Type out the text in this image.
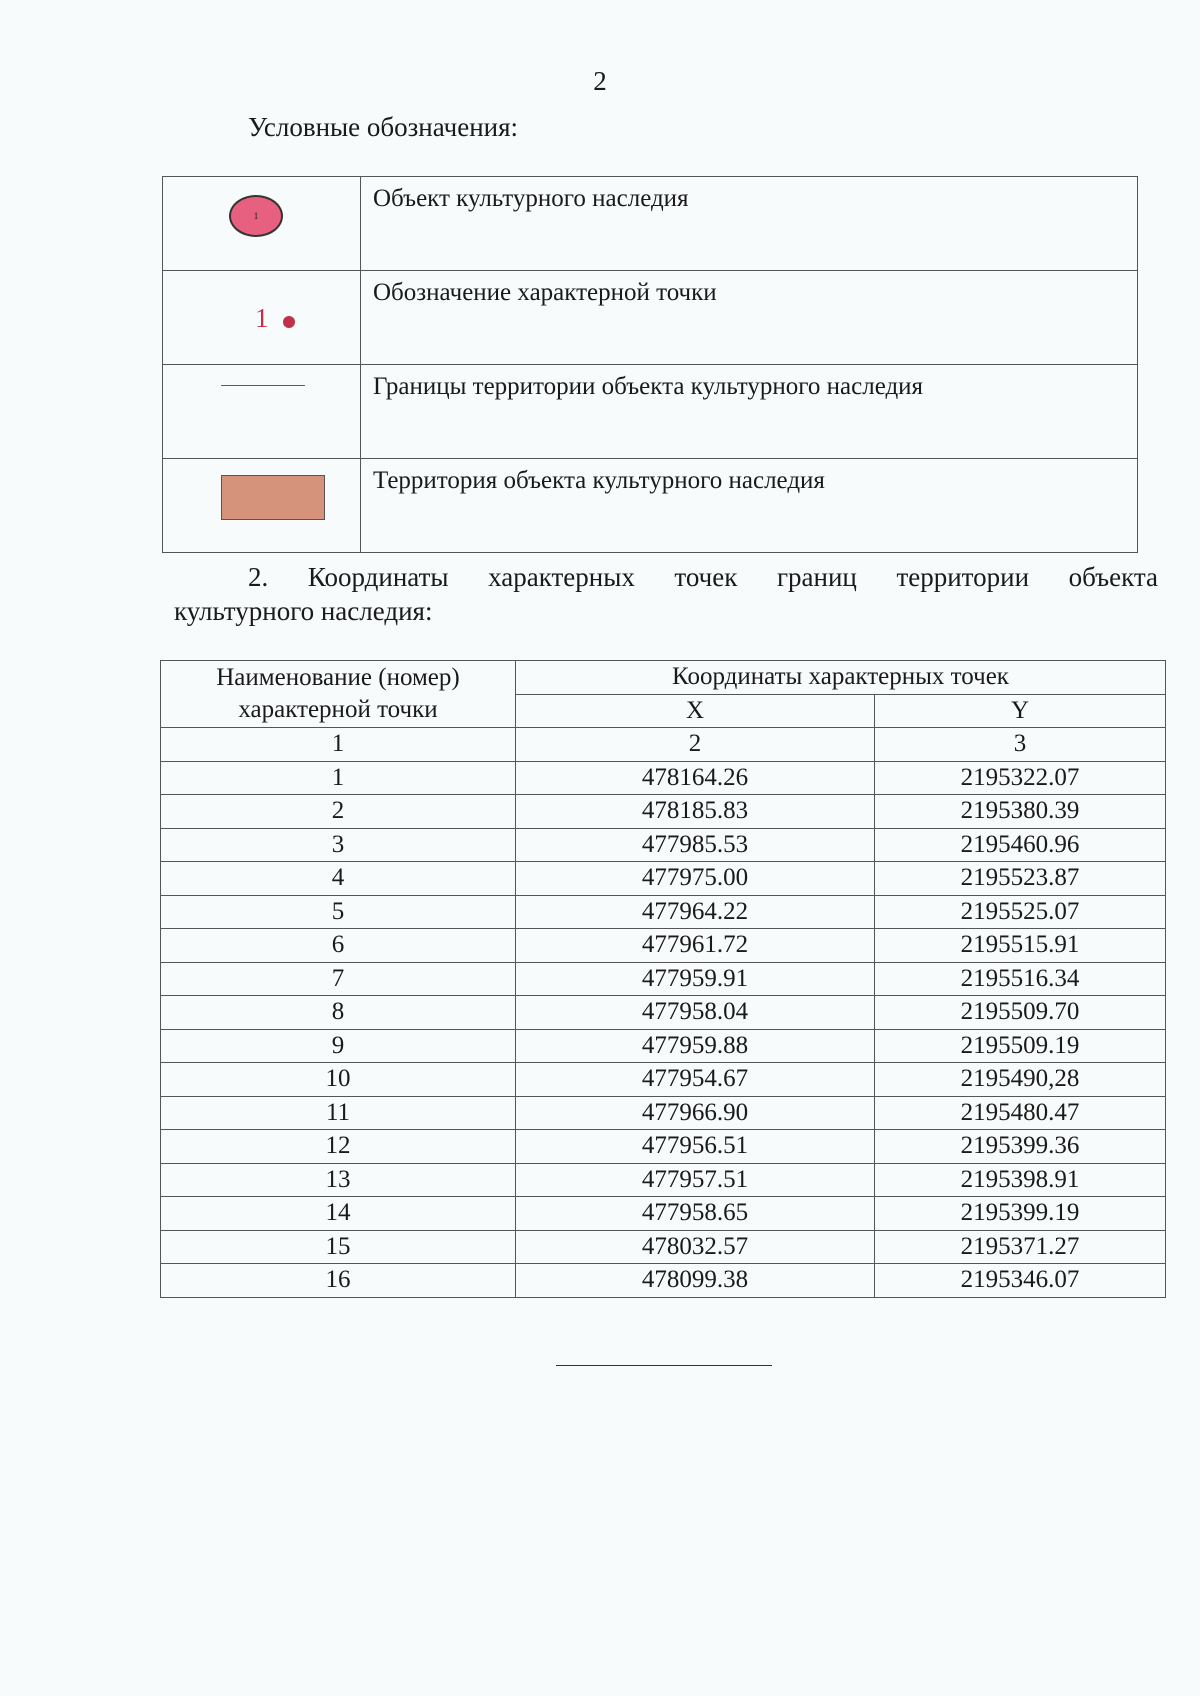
2
Условные обозначения:
1	Объект культурного наследия

1	Обозначение характерной точки

	Границы территории объекта культурного наследия

	Территория объекта культурного наследия
2. Координаты характерных точек границ территории объекта
культурного наследия:
Наименование (номер) характерной точки	Координаты характерных точек	
	X	Y
1	2	3
1	478164.26	2195322.07
2	478185.83	2195380.39
3	477985.53	2195460.96
4	477975.00	2195523.87
5	477964.22	2195525.07
6	477961.72	2195515.91
7	477959.91	2195516.34
8	477958.04	2195509.70
9	477959.88	2195509.19
10	477954.67	2195490,28
11	477966.90	2195480.47
12	477956.51	2195399.36
13	477957.51	2195398.91
14	477958.65	2195399.19
15	478032.57	2195371.27
16	478099.38	2195346.07
